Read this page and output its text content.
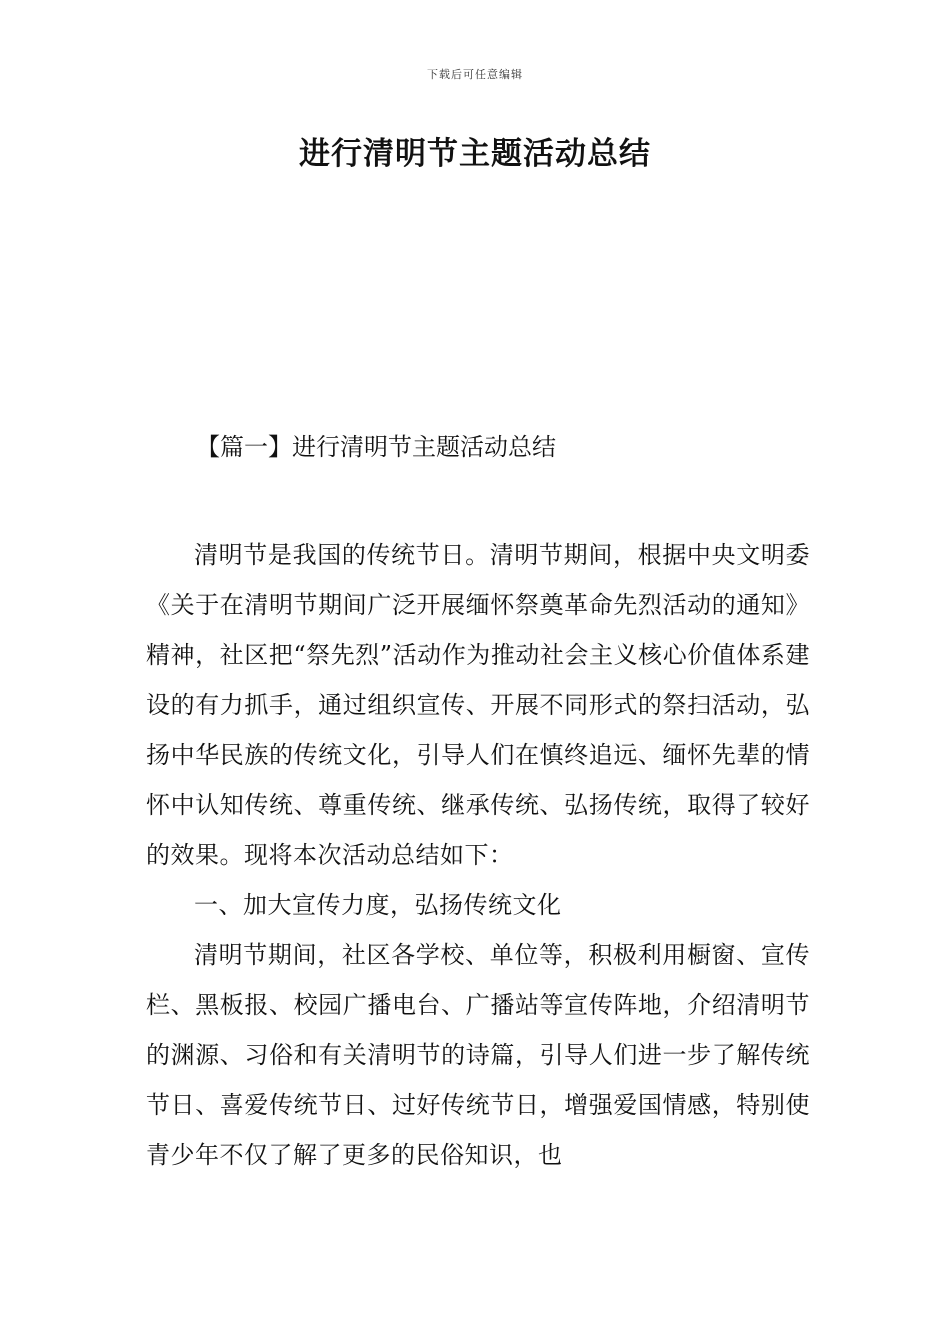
下载后可任意编辑
进行清明节主题活动总结
【篇一】进行清明节主题活动总结

清明节是我国的传统节日。清明节期间，根据中央文明委《关于在清明节期间广泛开展缅怀祭奠革命先烈活动的通知》精神，社区把“祭先烈”活动作为推动社会主义核心价值体系建设的有力抓手，通过组织宣传、开展不同形式的祭扫活动，弘扬中华民族的传统文化，引导人们在慎终追远、缅怀先辈的情怀中认知传统、尊重传统、继承传统、弘扬传统，取得了较好的效果。现将本次活动总结如下：

一、加大宣传力度，弘扬传统文化

清明节期间，社区各学校、单位等，积极利用橱窗、宣传栏、黑板报、校园广播电台、广播站等宣传阵地，介绍清明节的渊源、习俗和有关清明节的诗篇，引导人们进一步了解传统节日、喜爱传统节日、过好传统节日，增强爱国情感，特别使青少年不仅了解了更多的民俗知识，也
